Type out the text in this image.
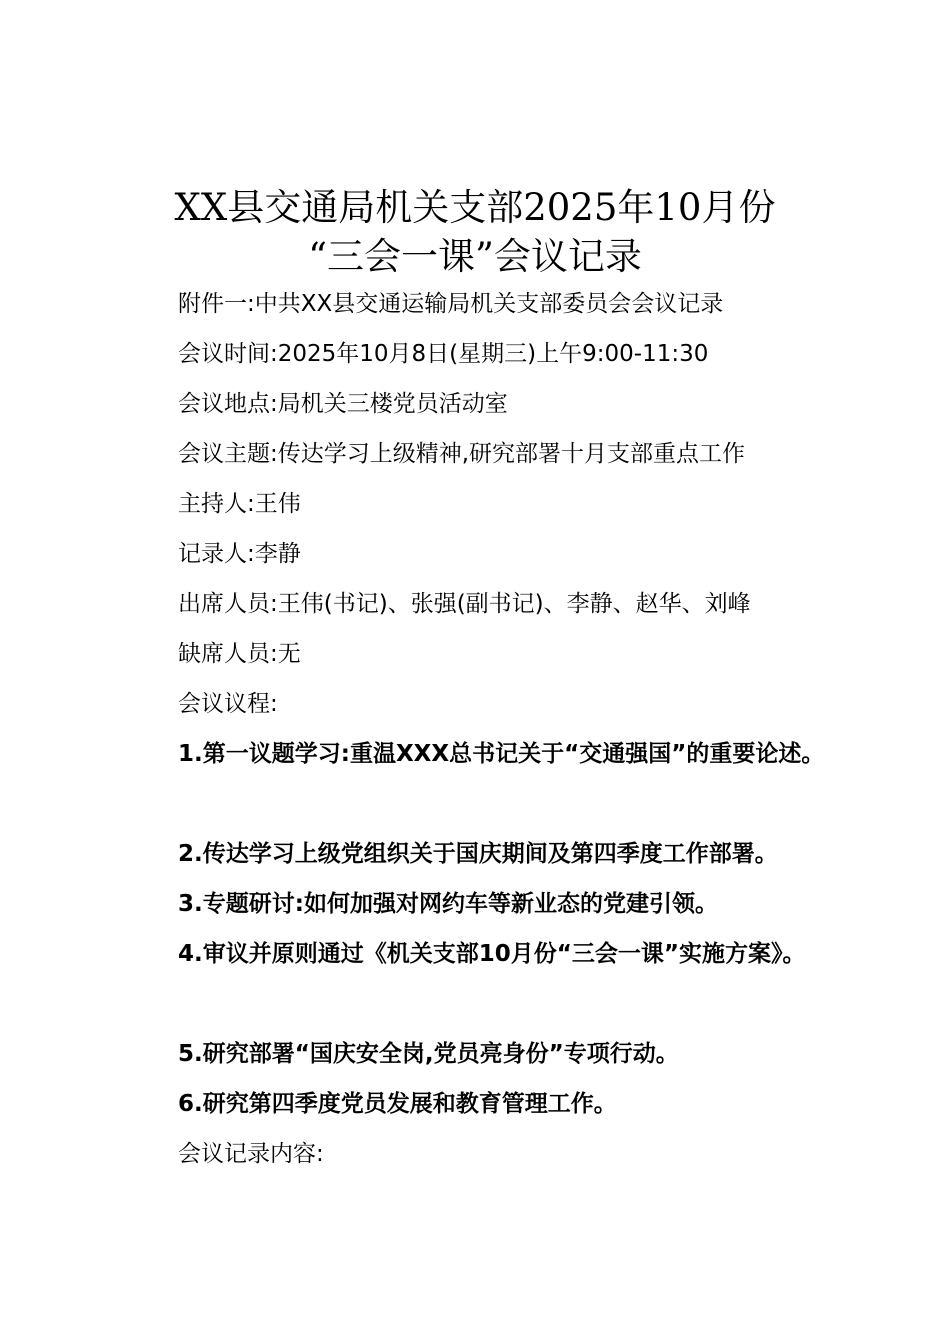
XX县交通局机关支部2025年10月份
“三会一课”会议记录
附件一:中共XX县交通运输局机关支部委员会会议记录
会议时间:2025年10月8日(星期三)上午9:00-11:30
会议地点:局机关三楼党员活动室
会议主题:传达学习上级精神,研究部署十月支部重点工作
主持人:王伟
记录人:李静
出席人员:王伟(书记)、张强(副书记)、李静、赵华、刘峰
缺席人员:无
会议议程:
1.第一议题学习:重温XXX总书记关于“交通强国”的重要论述。
2.传达学习上级党组织关于国庆期间及第四季度工作部署。
3.专题研讨:如何加强对网约车等新业态的党建引领。
4.审议并原则通过《机关支部10月份“三会一课”实施方案》。
5.研究部署“国庆安全岗,党员亮身份”专项行动。
6.研究第四季度党员发展和教育管理工作。
会议记录内容:
